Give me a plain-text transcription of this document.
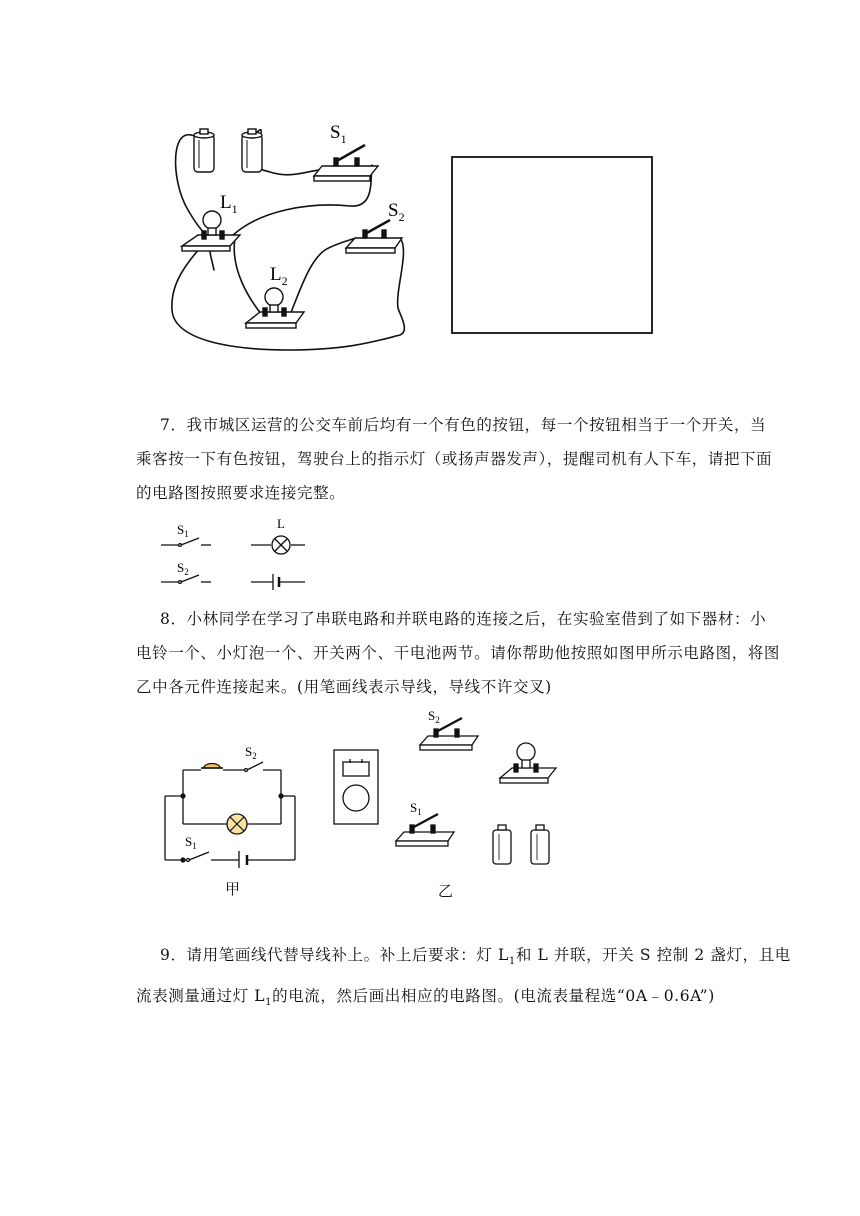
$S_1$
$L_1$	$S_2$
$L_2$
7．我市城区运营的公交车前后均有一个有色的按钮，每一个按钮相当于一个开关，当
乘客按一下有色按钮，驾驶台上的指示灯（或扬声器发声），提醒司机有人下车，请把下面
的电路图按照要求连接完整。
$S_1$
L
$S_2$
8．小林同学在学习了串联电路和并联电路的连接之后，在实验室借到了如下器材：小
电铃一个、小灯泡一个、开关两个、干电池两节。请你帮助他按照如图甲所示电路图，将图
乙中各元件连接起来。(用笔画线表示导线，导线不许交叉)
$S_2$
$S_1$
甲
$S_2$
$S_1$
乙
9．请用笔画线代替导线补上。补上后要求：灯 $L_1$和 L 并联，开关 S 控制 2 盏灯，且电
流表测量通过灯 $L_1$的电流，然后画出相应的电路图。(电流表量程选“0A﹣0.6A”)
